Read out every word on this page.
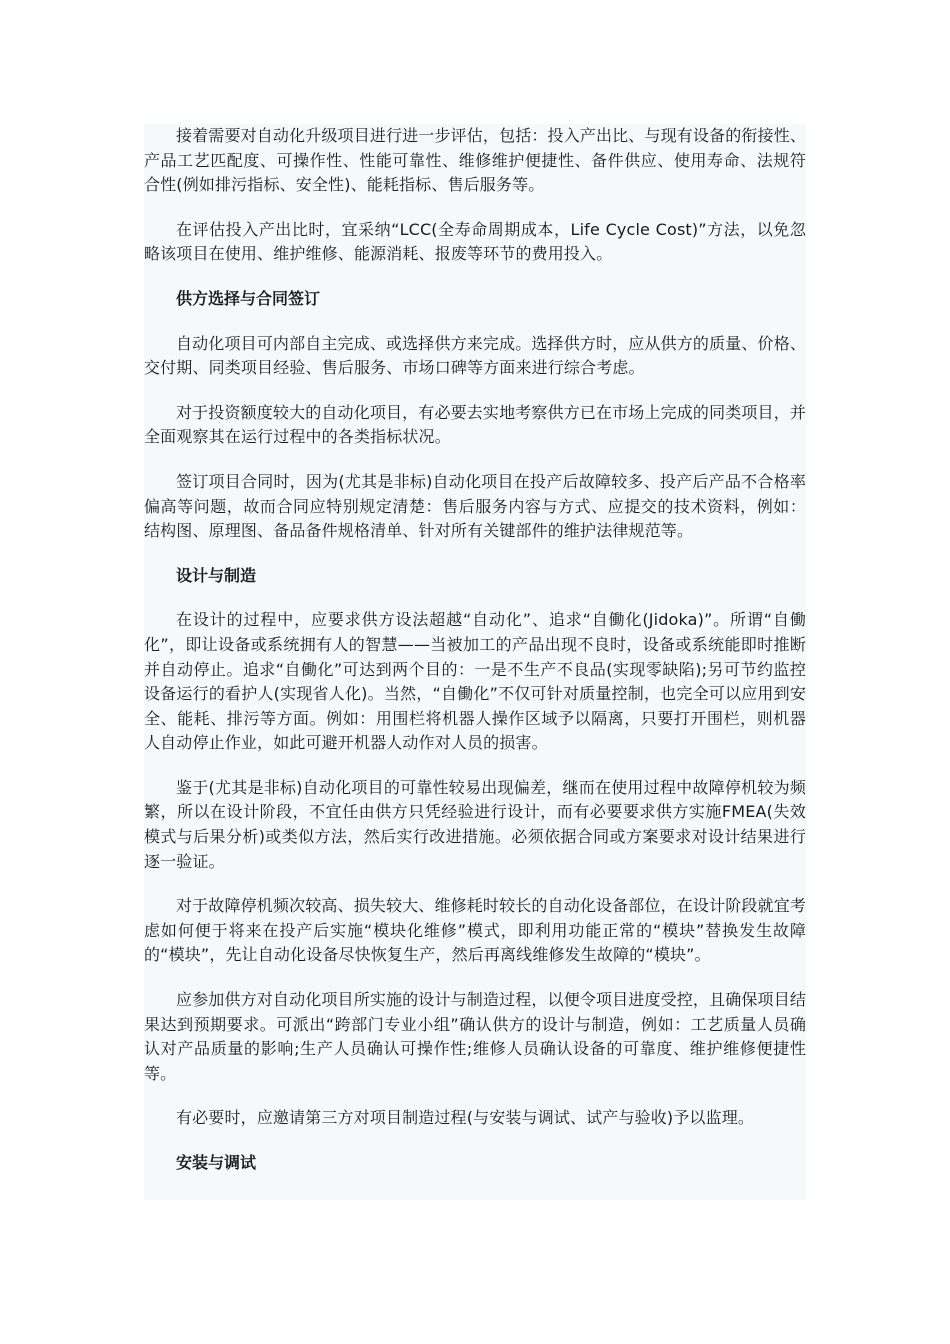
接着需要对自动化升级项目进行进一步评估，包括：投入产出比、与现有设备的衔接性、产品工艺匹配度、可操作性、性能可靠性、维修维护便捷性、备件供应、使用寿命、法规符合性(例如排污指标、安全性)、能耗指标、售后服务等。

在评估投入产出比时，宜采纳“LCC(全寿命周期成本，Life Cycle Cost)”方法，以免忽略该项目在使用、维护维修、能源消耗、报废等环节的费用投入。

供方选择与合同签订

自动化项目可内部自主完成、或选择供方来完成。选择供方时，应从供方的质量、价格、交付期、同类项目经验、售后服务、市场口碑等方面来进行综合考虑。

对于投资额度较大的自动化项目，有必要去实地考察供方已在市场上完成的同类项目，并全面观察其在运行过程中的各类指标状况。

签订项目合同时，因为(尤其是非标)自动化项目在投产后故障较多、投产后产品不合格率偏高等问题，故而合同应特别规定清楚：售后服务内容与方式、应提交的技术资料，例如：结构图、原理图、备品备件规格清单、针对所有关键部件的维护法律规范等。

设计与制造

在设计的过程中，应要求供方设法超越“自动化”、追求“自働化(Jidoka)”。所谓“自働化”，即让设备或系统拥有人的智慧——当被加工的产品出现不良时，设备或系统能即时推断并自动停止。追求“自働化”可达到两个目的：一是不生产不良品(实现零缺陷);另可节约监控设备运行的看护人(实现省人化)。当然，“自働化”不仅可针对质量控制，也完全可以应用到安全、能耗、排污等方面。例如：用围栏将机器人操作区域予以隔离，只要打开围栏，则机器人自动停止作业，如此可避开机器人动作对人员的损害。

鉴于(尤其是非标)自动化项目的可靠性较易出现偏差，继而在使用过程中故障停机较为频繁，所以在设计阶段，不宜任由供方只凭经验进行设计，而有必要要求供方实施FMEA(失效模式与后果分析)或类似方法，然后实行改进措施。必须依据合同或方案要求对设计结果进行逐一验证。

对于故障停机频次较高、损失较大、维修耗时较长的自动化设备部位，在设计阶段就宜考虑如何便于将来在投产后实施“模块化维修”模式，即利用功能正常的“模块”替换发生故障的“模块”，先让自动化设备尽快恢复生产，然后再离线维修发生故障的“模块”。

应参加供方对自动化项目所实施的设计与制造过程，以便令项目进度受控，且确保项目结果达到预期要求。可派出“跨部门专业小组”确认供方的设计与制造，例如：工艺质量人员确认对产品质量的影响;生产人员确认可操作性;维修人员确认设备的可靠度、维护维修便捷性等。

有必要时，应邀请第三方对项目制造过程(与安装与调试、试产与验收)予以监理。

安装与调试
